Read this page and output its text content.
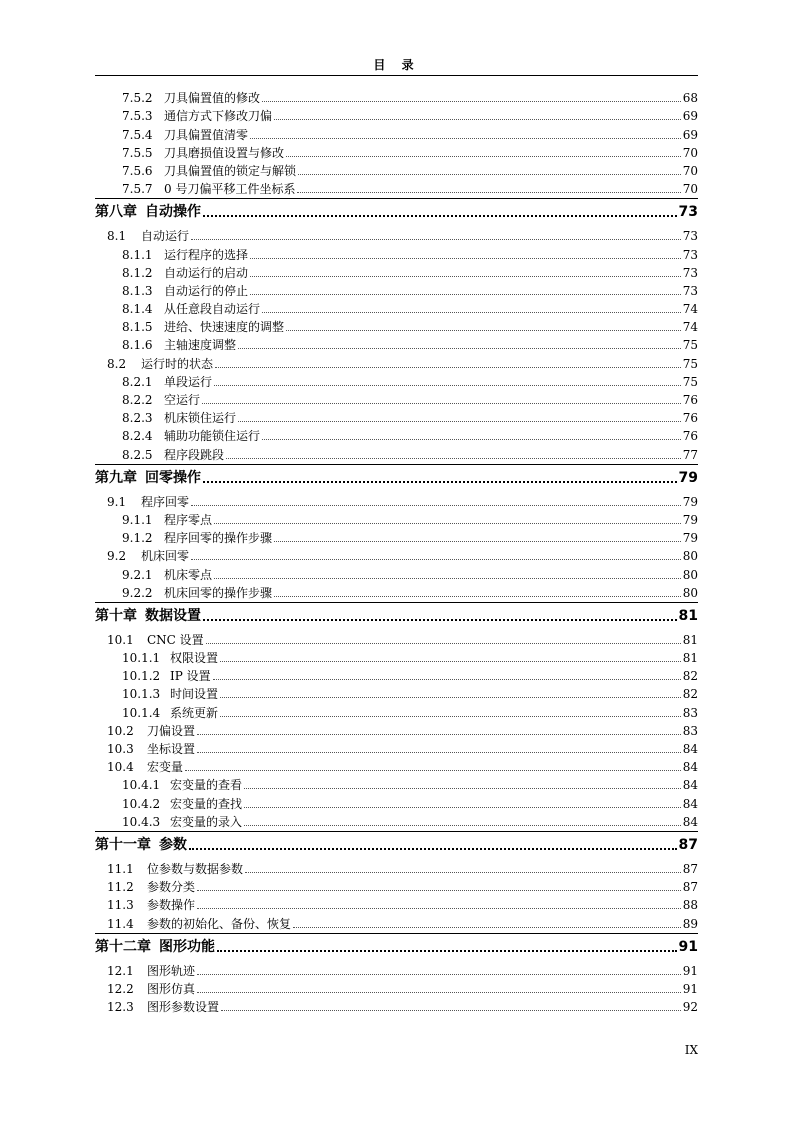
目 录
7.5.2 刀具偏置值的修改	68
7.5.3 通信方式下修改刀偏	69
7.5.4 刀具偏置值清零	69
7.5.5 刀具磨损值设置与修改	70
7.5.6 刀具偏置值的锁定与解锁	70
7.5.7 0 号刀偏平移工件坐标系	70
第八章 自动操作	73
8.1	自动运行	73
8.1.1 运行程序的选择	73
8.1.2 自动运行的启动	73
8.1.3 自动运行的停止	73
8.1.4 从任意段自动运行	74
8.1.5 进给、快速速度的调整	74
8.1.6 主轴速度调整	75
8.2	运行时的状态	75
8.2.1 单段运行	75
8.2.2 空运行	76
8.2.3 机床锁住运行	76
8.2.4 辅助功能锁住运行	76
8.2.5 程序段跳段	77
第九章 回零操作	79
9.1	程序回零	79
9.1.1 程序零点	79
9.1.2 程序回零的操作步骤	79
9.2	机床回零	80
9.2.1 机床零点	80
9.2.2 机床回零的操作步骤	80
第十章 数据设置	81
10.1	CNC 设置	81
10.1.1 权限设置	81
10.1.2 IP 设置	82
10.1.3 时间设置	82
10.1.4 系统更新	83
10.2	刀偏设置	83
10.3	坐标设置	84
10.4	宏变量	84
10.4.1 宏变量的查看	84
10.4.2 宏变量的查找	84
10.4.3 宏变量的录入	84
第十一章 参数	87
11.1	位参数与数据参数	87
11.2	参数分类	87
11.3	参数操作	88
11.4	参数的初始化、备份、恢复	89
第十二章 图形功能	91
12.1	图形轨迹	91
12.2	图形仿真	91
12.3	图形参数设置	92
IX
